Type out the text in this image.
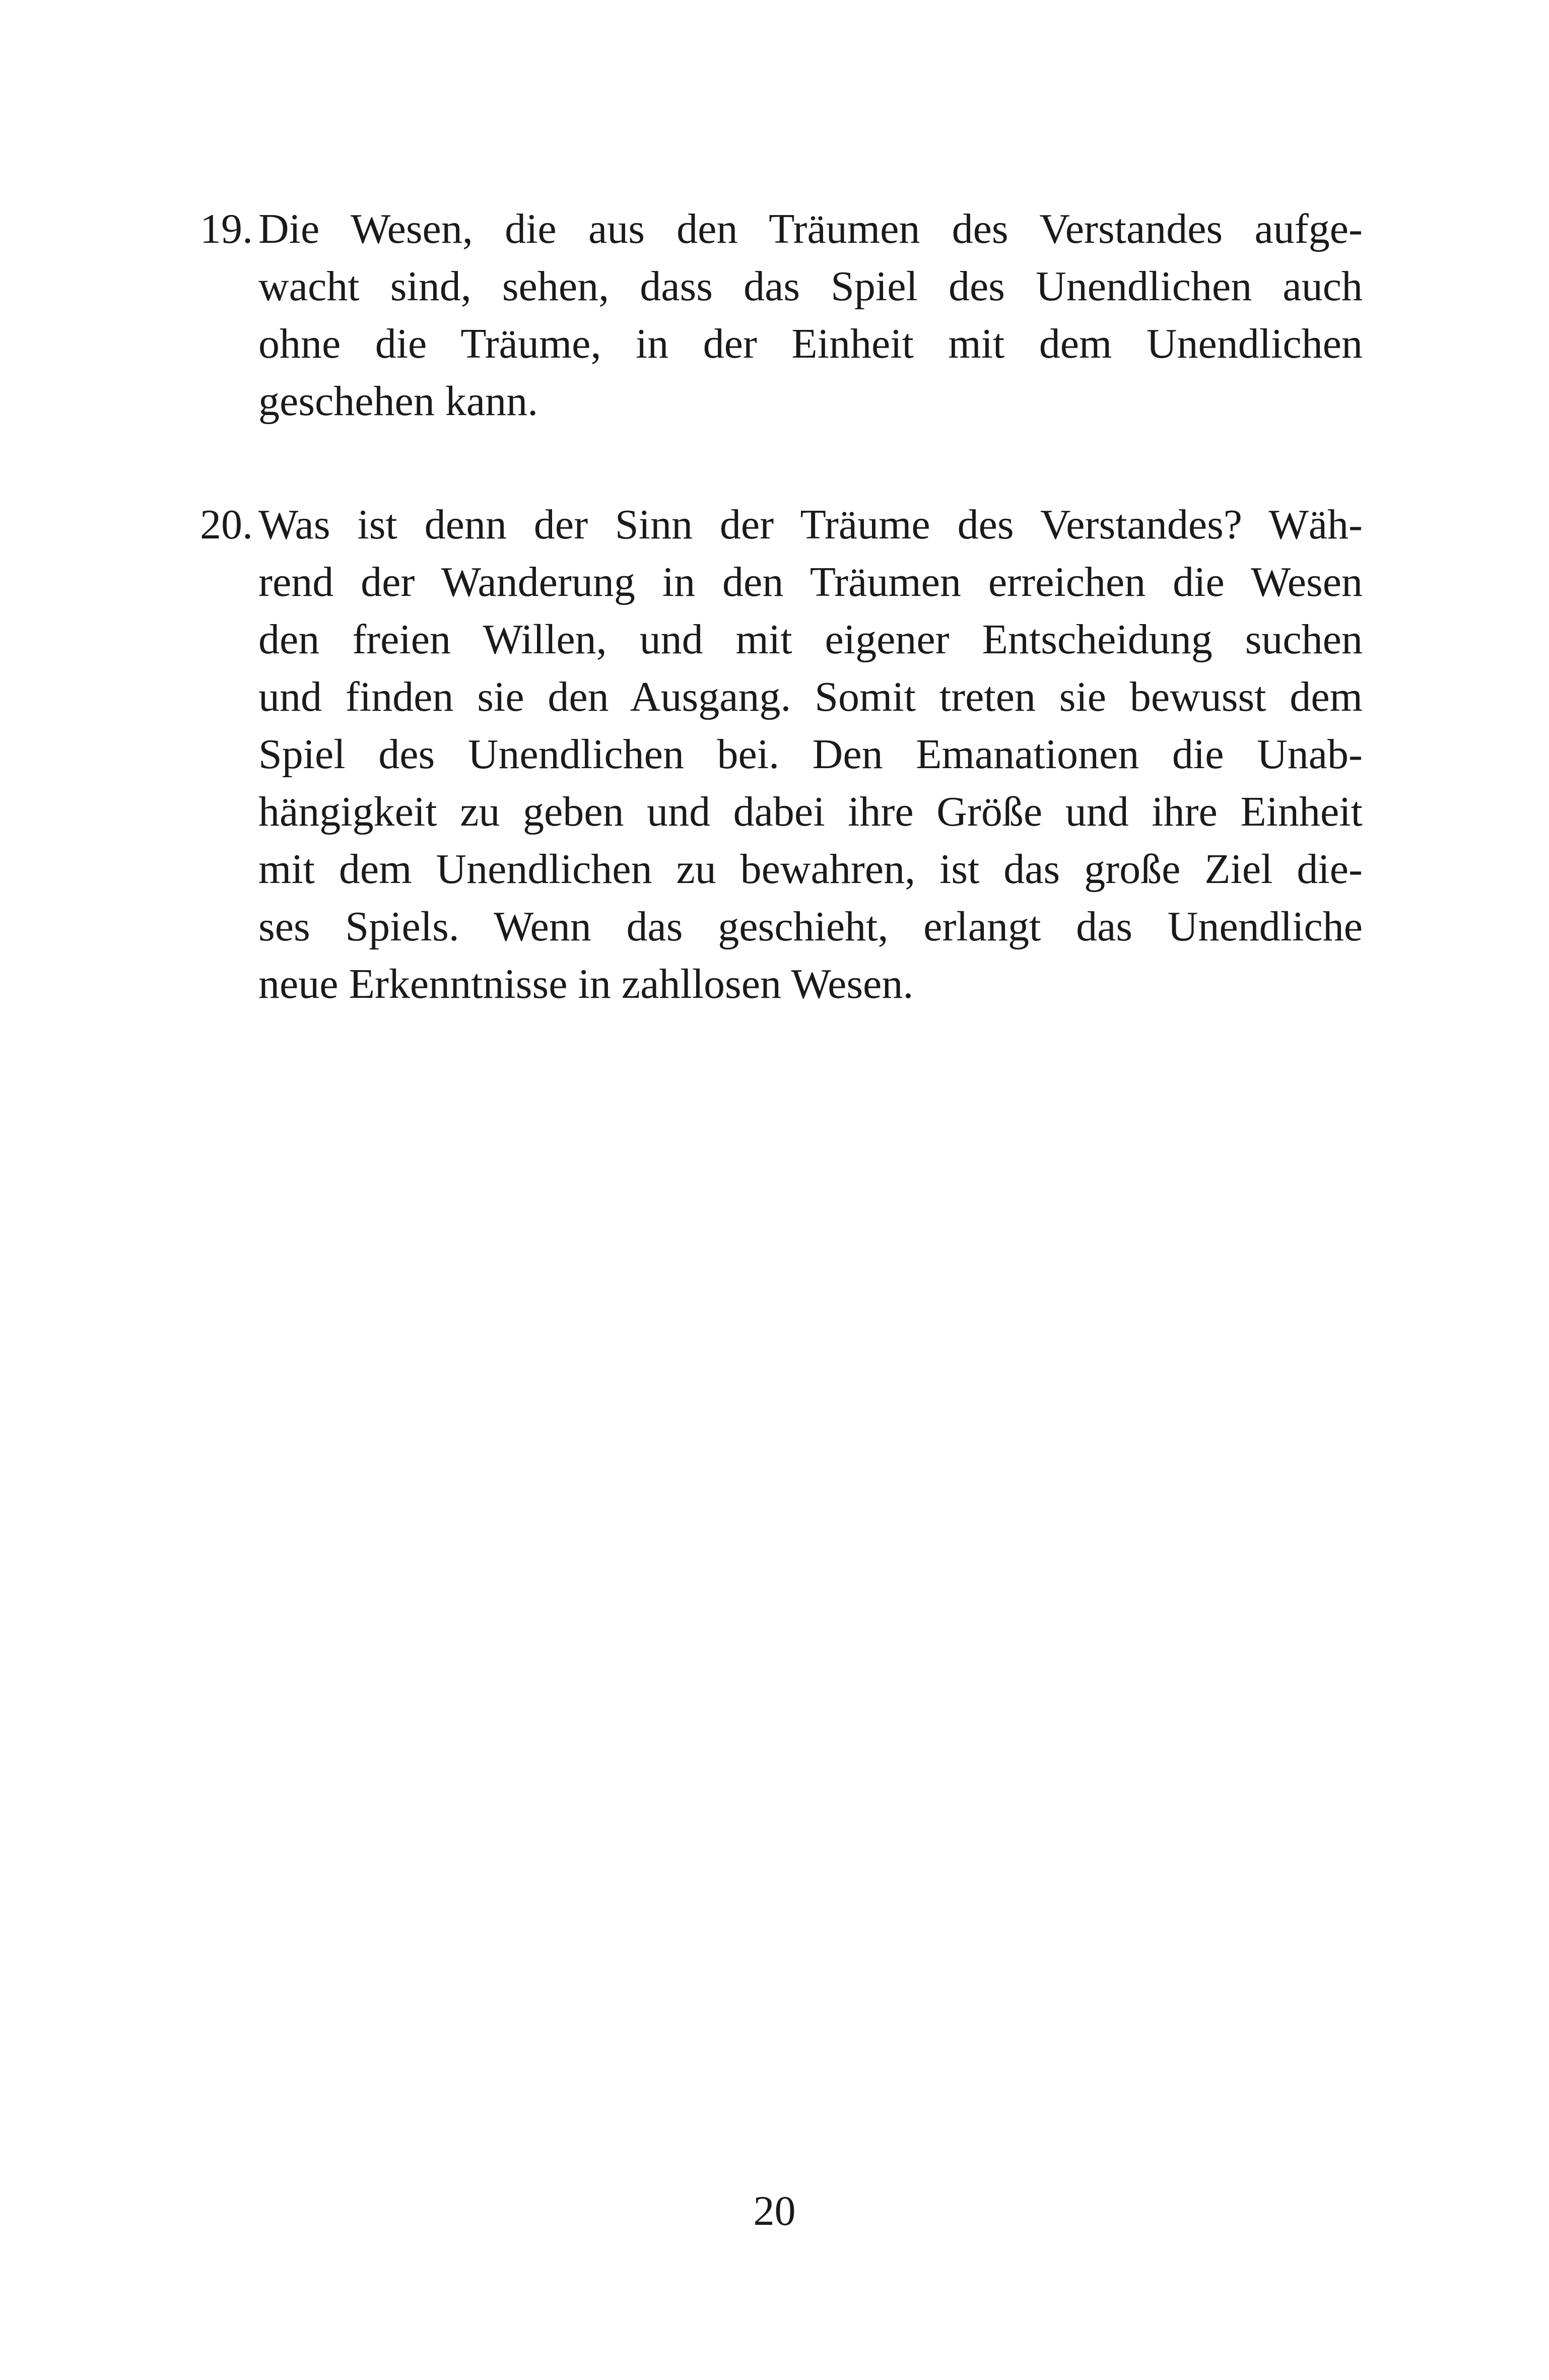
19. Die Wesen, die aus den Träumen des Verstandes aufge-
wacht sind, sehen, dass das Spiel des Unendlichen auch
ohne die Träume, in der Einheit mit dem Unendlichen
geschehen kann.
20. Was ist denn der Sinn der Träume des Verstandes? Wäh-
rend der Wanderung in den Träumen erreichen die Wesen
den freien Willen, und mit eigener Entscheidung suchen
und finden sie den Ausgang. Somit treten sie bewusst dem
Spiel des Unendlichen bei. Den Emanationen die Unab-
hängigkeit zu geben und dabei ihre Größe und ihre Einheit
mit dem Unendlichen zu bewahren, ist das große Ziel die-
ses Spiels. Wenn das geschieht, erlangt das Unendliche
neue Erkenntnisse in zahllosen Wesen.
20
